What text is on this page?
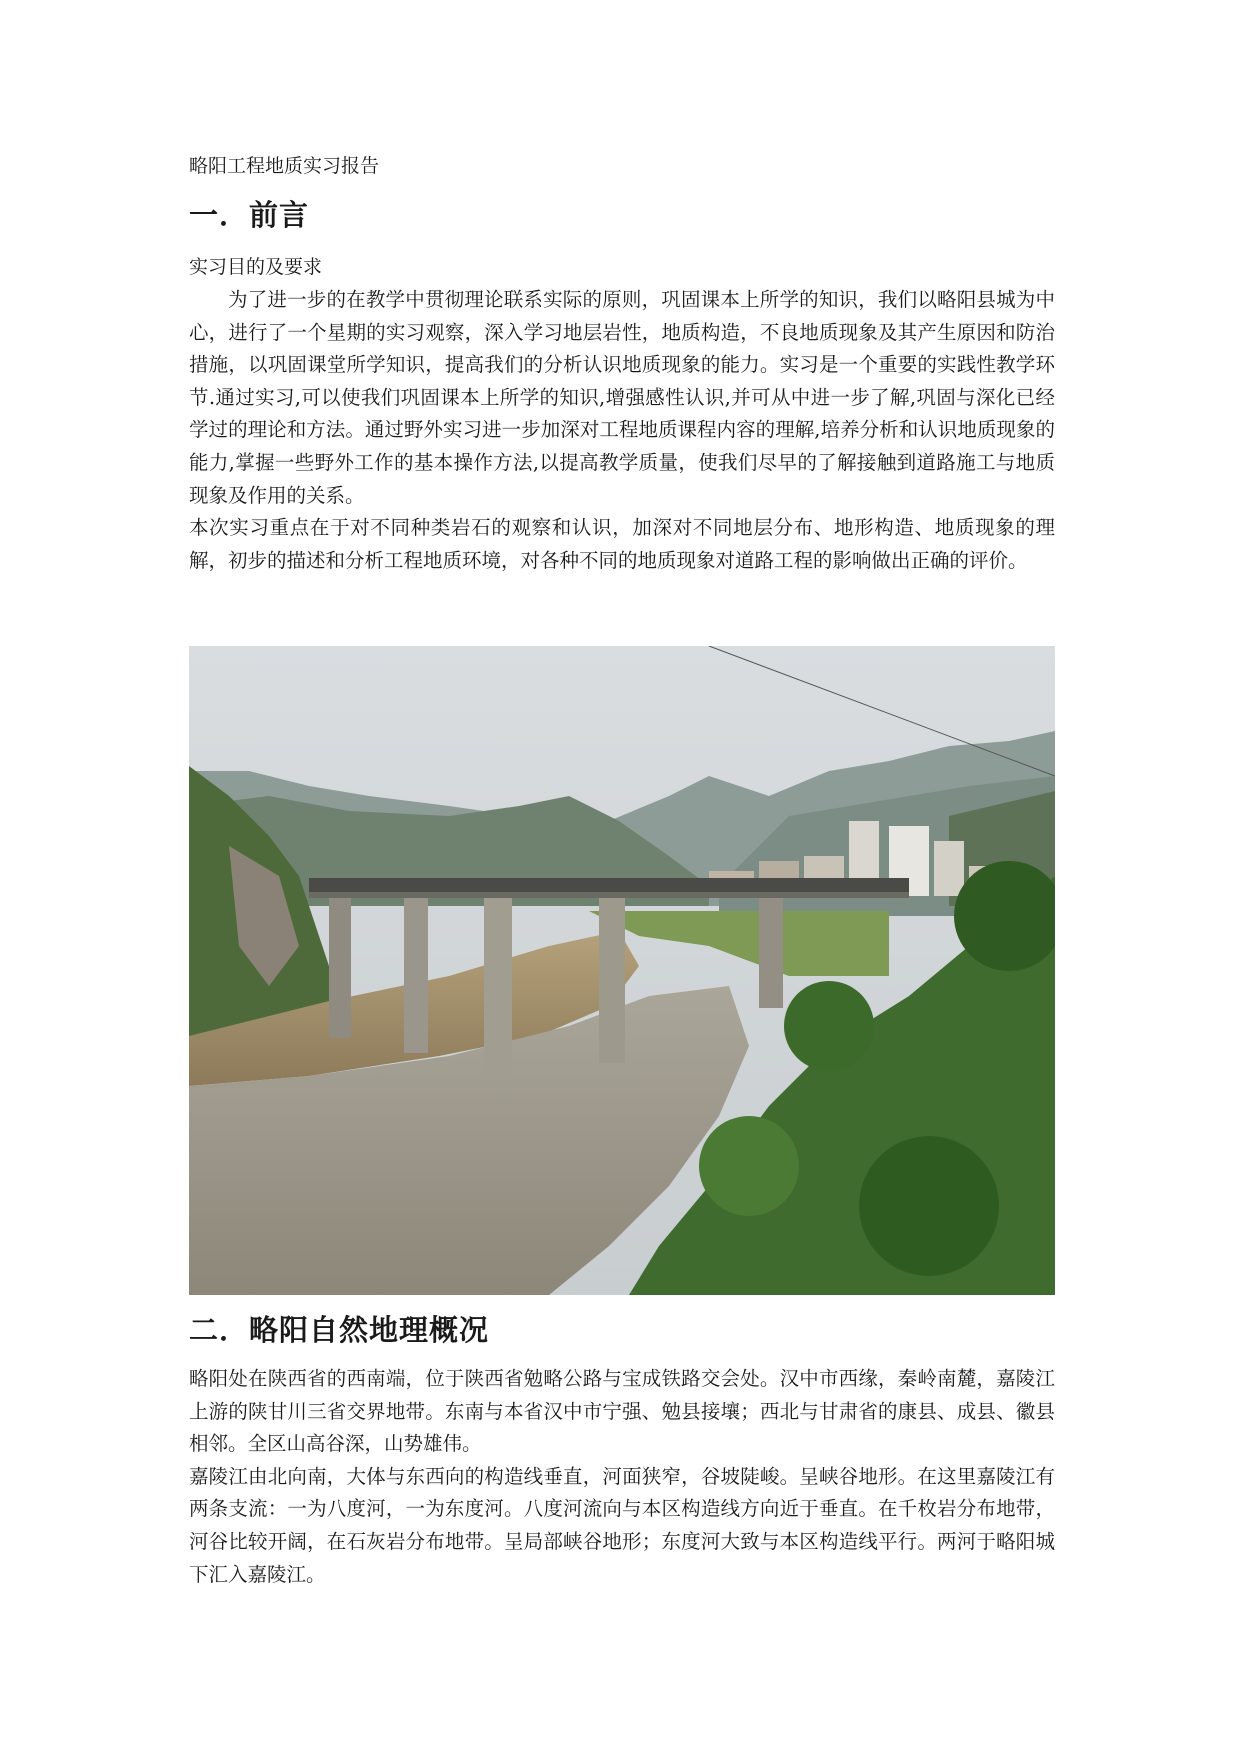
略阳工程地质实习报告
一．前言
实习目的及要求

为了进一步的在教学中贯彻理论联系实际的原则，巩固课本上所学的知识，我们以略阳县城为中心，进行了一个星期的实习观察，深入学习地层岩性，地质构造，不良地质现象及其产生原因和防治措施，以巩固课堂所学知识，提高我们的分析认识地质现象的能力。实习是一个重要的实践性教学环节.通过实习,可以使我们巩固课本上所学的知识,增强感性认识,并可从中进一步了解,巩固与深化已经学过的理论和方法。通过野外实习进一步加深对工程地质课程内容的理解,培养分析和认识地质现象的能力,掌握一些野外工作的基本操作方法,以提高教学质量，使我们尽早的了解接触到道路施工与地质现象及作用的关系。

本次实习重点在于对不同种类岩石的观察和认识，加深对不同地层分布、地形构造、地质现象的理解，初步的描述和分析工程地质环境，对各种不同的地质现象对道路工程的影响做出正确的评价。

二．略阳自然地理概况

略阳处在陕西省的西南端，位于陕西省勉略公路与宝成铁路交会处。汉中市西缘，秦岭南麓，嘉陵江上游的陕甘川三省交界地带。东南与本省汉中市宁强、勉县接壤；西北与甘肃省的康县、成县、徽县相邻。全区山高谷深，山势雄伟。

嘉陵江由北向南，大体与东西向的构造线垂直，河面狭窄，谷坡陡峻。呈峡谷地形。在这里嘉陵江有两条支流：一为八度河，一为东度河。八度河流向与本区构造线方向近于垂直。在千枚岩分布地带，河谷比较开阔，在石灰岩分布地带。呈局部峡谷地形；东度河大致与本区构造线平行。两河于略阳城下汇入嘉陵江。
